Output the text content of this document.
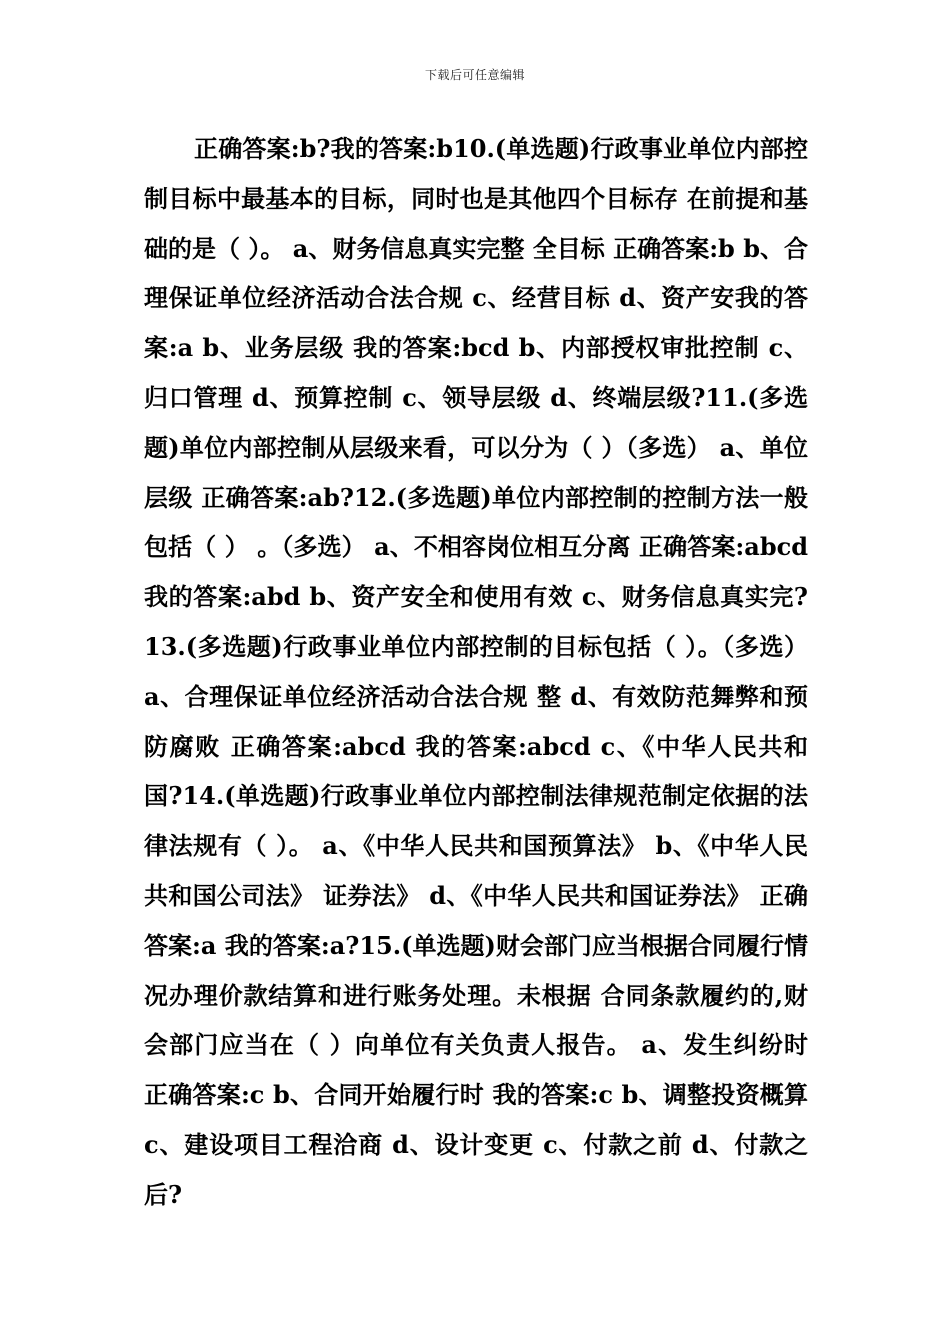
下载后可任意编辑

正确答案:b?我的答案:b10.(单选题)行政事业单位内部控制目标中最基本的目标，同时也是其他四个目标存 在前提和基础的是（ ）。 a、财务信息真实完整 全目标 正确答案:b b、合理保证单位经济活动合法合规 c、经营目标 d、资产安我的答案:a b、业务层级 我的答案:bcd b、内部授权审批控制 c、归口管理 d、预算控制 c、领导层级 d、终端层级?11.(多选题)单位内部控制从层级来看，可以分为（ ）（多选） a、单位层级 正确答案:ab?12.(多选题)单位内部控制的控制方法一般包括（ ） 。（多选） a、不相容岗位相互分离 正确答案:abcd 我的答案:abd b、资产安全和使用有效 c、财务信息真实完?13.(多选题)行政事业单位内部控制的目标包括（ ）。（多选） a、合理保证单位经济活动合法合规 整 d、有效防范舞弊和预防腐败 正确答案:abcd 我的答案:abcd c、《中华人民共和国?14.(单选题)行政事业单位内部控制法律规范制定依据的法律法规有（ ）。 a、《中华人民共和国预算法》 b、《中华人民共和国公司法》 证券法》 d、《中华人民共和国证券法》 正确答案:a 我的答案:a?15.(单选题)财会部门应当根据合同履行情况办理价款结算和进行账务处理。未根据 合同条款履约的,财会部门应当在（ ）向单位有关负责人报告。 a、发生纠纷时 正确答案:c b、合同开始履行时 我的答案:c b、调整投资概算 c、建设项目工程洽商 d、设计变更 c、付款之前 d、付款之后?
